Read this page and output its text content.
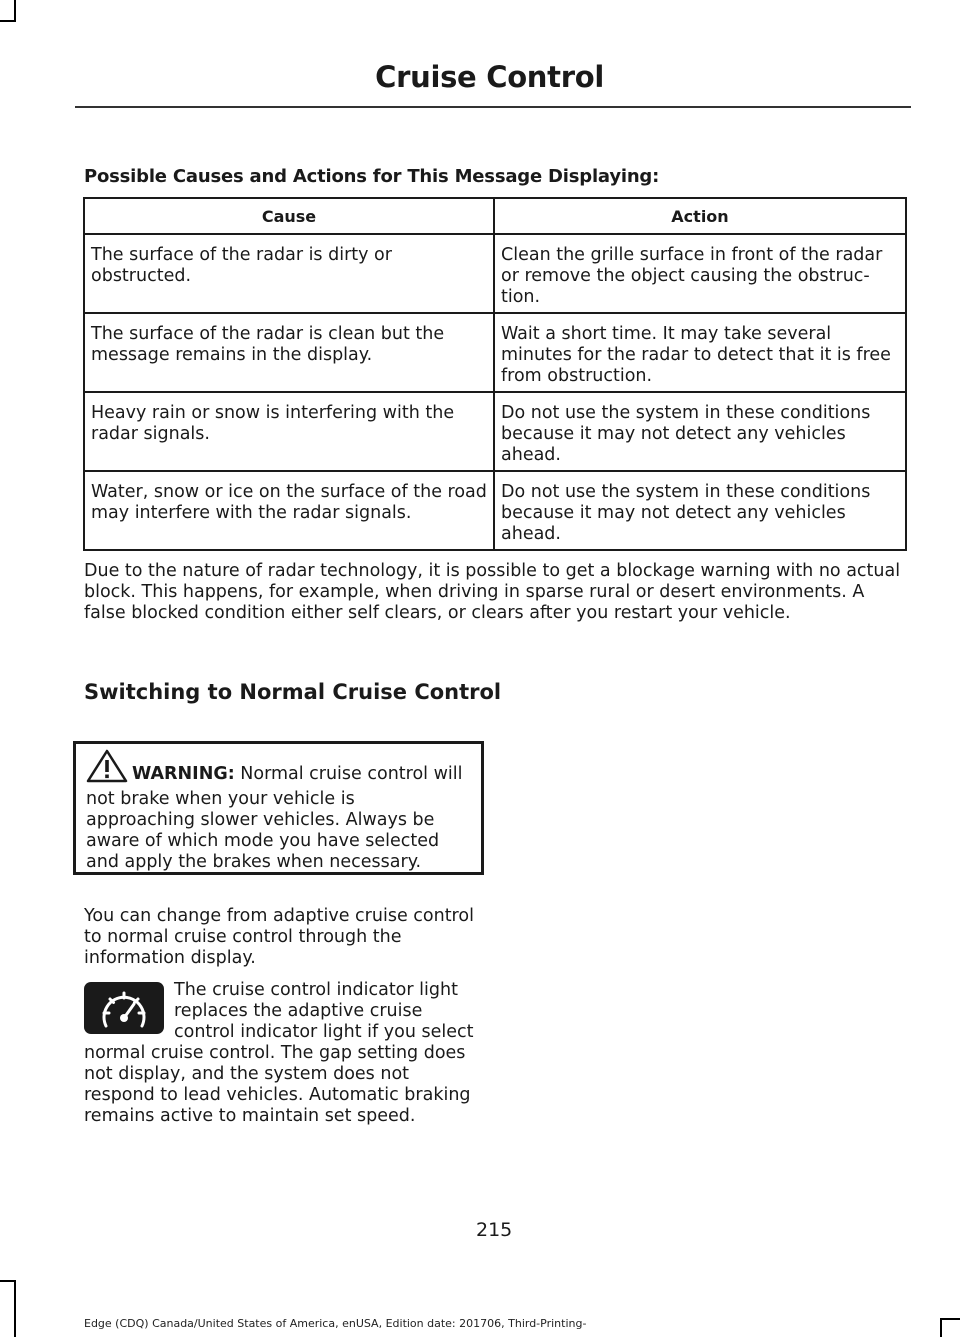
Cruise Control
Possible Causes and Actions for This Message Displaying:
Cause	Action
The surface of the radar is dirty or obstructed.	Clean the grille surface in front of the radar or remove the object causing the obstruc- tion.
The surface of the radar is clean but the message remains in the display.	Wait a short time. It may take several minutes for the radar to detect that it is free from obstruction.
Heavy rain or snow is interfering with the radar signals.	Do not use the system in these conditions because it may not detect any vehicles ahead.
Water, snow or ice on the surface of the road may interfere with the radar signals.	Do not use the system in these conditions because it may not detect any vehicles ahead.
Due to the nature of radar technology, it is possible to get a blockage warning with no actual block. This happens, for example, when driving in sparse rural or desert environments. A false blocked condition either self clears, or clears after you restart your vehicle.
Switching to Normal Cruise Control
WARNING: Normal cruise control will not brake when your vehicle is approaching slower vehicles. Always be aware of which mode you have selected and apply the brakes when necessary.
You can change from adaptive cruise control to normal cruise control through the information display.
The cruise control indicator light replaces the adaptive cruise control indicator light if you select normal cruise control. The gap setting does not display, and the system does not respond to lead vehicles. Automatic braking remains active to maintain set speed.
215
Edge (CDQ) Canada/United States of America, enUSA, Edition date: 201706, Third-Printing-
